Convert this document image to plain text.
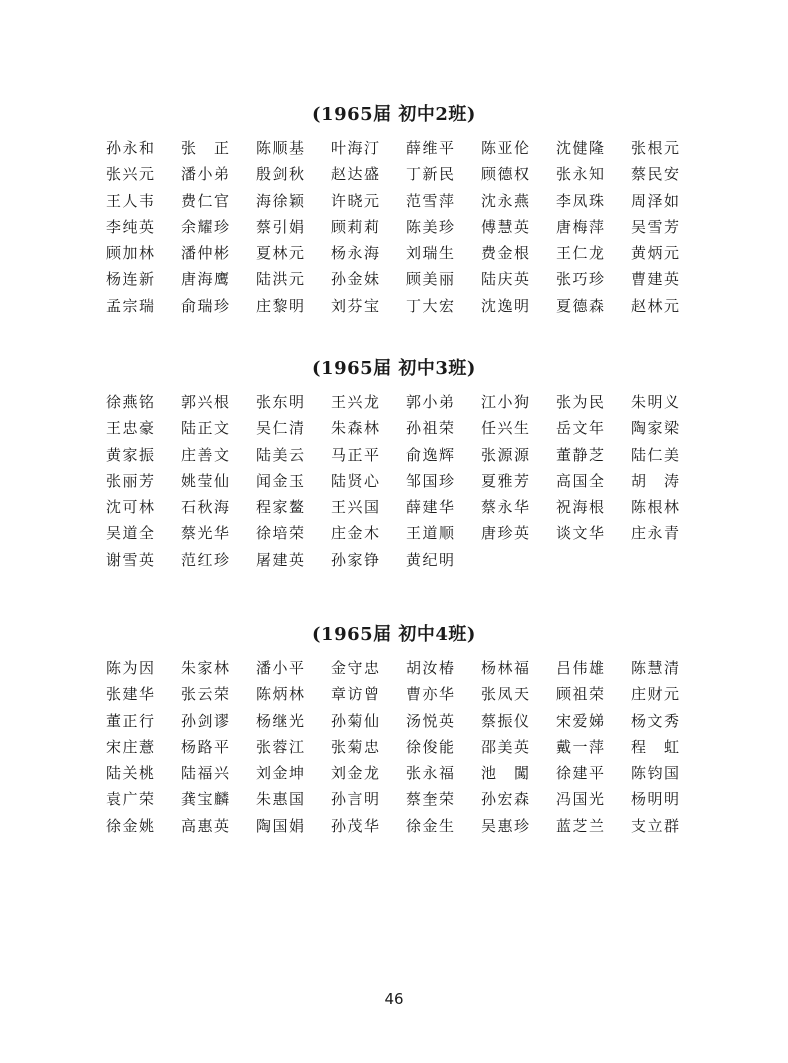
(1965届 初中2班)
孙永和 张　正 陈顺基 叶海汀 薛维平 陈亚伦 沈健隆 张根元
张兴元 潘小弟 殷剑秋 赵达盛 丁新民 顾德权 张永知 蔡民安
王人韦 费仁官 海徐颖 许晓元 范雪萍 沈永燕 李凤珠 周泽如
李纯英 余耀珍 蔡引娟 顾莉莉 陈美珍 傅慧英 唐梅萍 吴雪芳
顾加林 潘仲彬 夏林元 杨永海 刘瑞生 费金根 王仁龙 黄炳元
杨连新 唐海鹰 陆洪元 孙金妹 顾美丽 陆庆英 张巧珍 曹建英
孟宗瑞 俞瑞珍 庄黎明 刘芬宝 丁大宏 沈逸明 夏德森 赵林元
(1965届 初中3班)
徐燕铭 郭兴根 张东明 王兴龙 郭小弟 江小狗 张为民 朱明义
王忠豪 陆正文 吴仁清 朱森林 孙祖荣 任兴生 岳文年 陶家梁
黄家振 庄善文 陆美云 马正平 俞逸辉 张源源 董静芝 陆仁美
张丽芳 姚莹仙 闻金玉 陆贤心 邹国珍 夏雅芳 高国全 胡　涛
沈可林 石秋海 程家鳌 王兴国 薛建华 蔡永华 祝海根 陈根林
吴道全 蔡光华 徐培荣 庄金木 王道顺 唐珍英 谈文华 庄永青
谢雪英 范红珍 屠建英 孙家铮 黄纪明
(1965届 初中4班)
陈为因 朱家林 潘小平 金守忠 胡汝椿 杨林福 吕伟雄 陈慧清
张建华 张云荣 陈炳林 章访曾 曹亦华 张凤天 顾祖荣 庄财元
董正行 孙剑谬 杨继光 孙菊仙 汤悦英 蔡振仪 宋爱娣 杨文秀
宋庄薏 杨路平 张蓉江 张菊忠 徐俊能 邵美英 戴一萍 程　虹
陆关桃 陆福兴 刘金坤 刘金龙 张永福 池　闖 徐建平 陈钧国
袁广荣 龚宝麟 朱惠国 孙言明 蔡奎荣 孙宏森 冯国光 杨明明
徐金姚 高惠英 陶国娟 孙茂华 徐金生 吴惠珍 蓝芝兰 支立群
46
